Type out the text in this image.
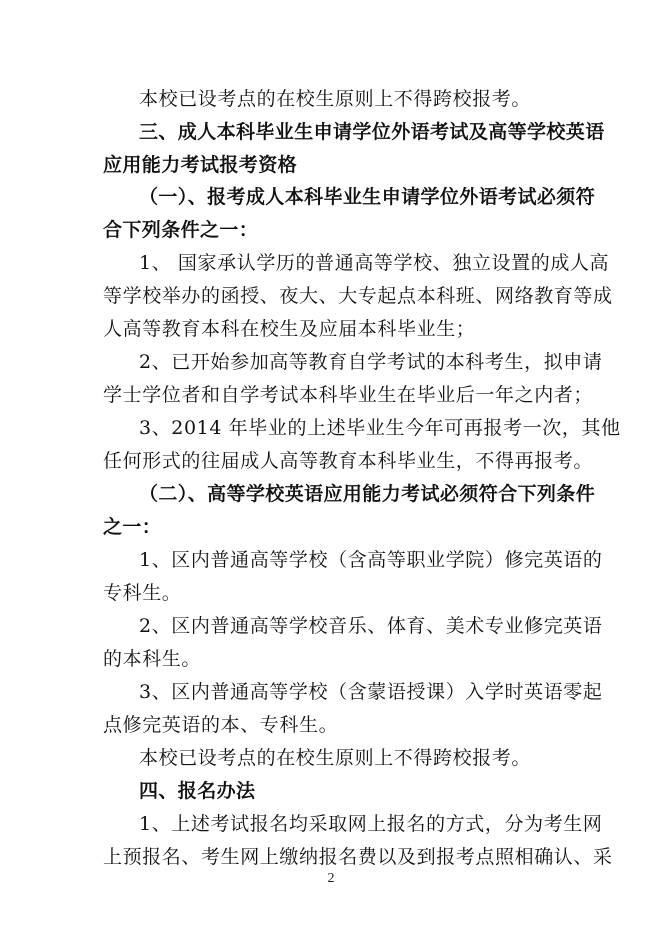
本校已设考点的在校生原则上不得跨校报考。
三、成人本科毕业生申请学位外语考试及高等学校英语
应用能力考试报考资格
（一）、报考成人本科毕业生申请学位外语考试必须符
合下列条件之一：
1、 国家承认学历的普通高等学校、独立设置的成人高
等学校举办的函授、夜大、大专起点本科班、网络教育等成
人高等教育本科在校生及应届本科毕业生；
2、已开始参加高等教育自学考试的本科考生，拟申请
学士学位者和自学考试本科毕业生在毕业后一年之内者；
3、2014 年毕业的上述毕业生今年可再报考一次，其他
任何形式的往届成人高等教育本科毕业生，不得再报考。
（二）、高等学校英语应用能力考试必须符合下列条件
之一：
1、区内普通高等学校（含高等职业学院）修完英语的
专科生。
2、区内普通高等学校音乐、体育、美术专业修完英语
的本科生。
3、区内普通高等学校（含蒙语授课）入学时英语零起
点修完英语的本、专科生。
本校已设考点的在校生原则上不得跨校报考。
四、报名办法
1、上述考试报名均采取网上报名的方式，分为考生网
上预报名、考生网上缴纳报名费以及到报考点照相确认、采
2
